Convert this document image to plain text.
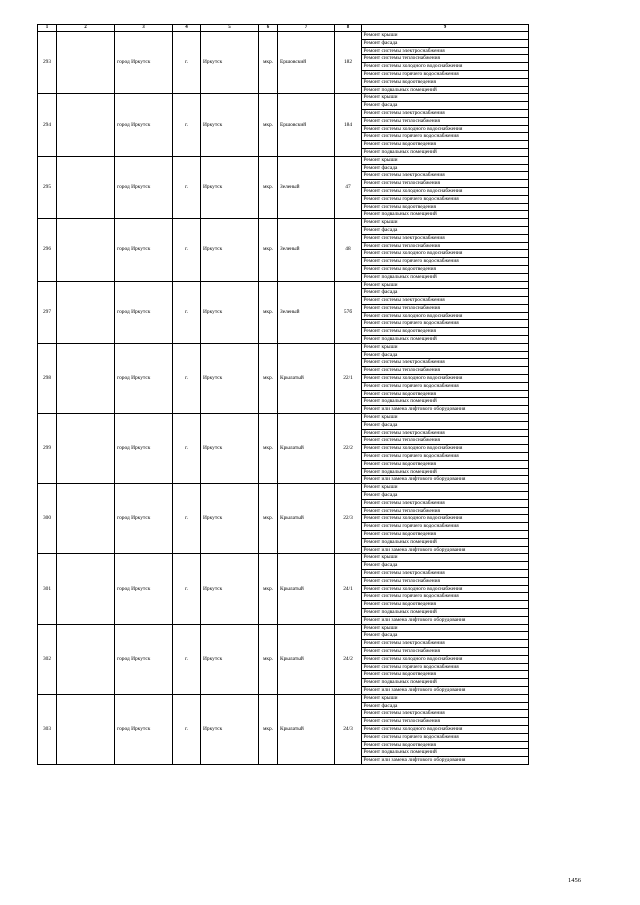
1	2	3	4	5	6	7	8	9
293		город Иркутск	г.	Иркутск	мкр.	Ершовский	182	Ремонт крыши
								Ремонт фасада
								Ремонт системы электроснабжения
								Ремонт системы теплоснабжения
								Ремонт системы холодного водоснабжения
								Ремонт системы горячего водоснабжения
								Ремонт системы водоотведения
								Ремонт подвальных помещений
294		город Иркутск	г.	Иркутск	мкр.	Ершовский	184	Ремонт крыши
								Ремонт фасада
								Ремонт системы электроснабжения
								Ремонт системы теплоснабжения
								Ремонт системы холодного водоснабжения
								Ремонт системы горячего водоснабжения
								Ремонт системы водоотведения
								Ремонт подвальных помещений
295		город Иркутск	г.	Иркутск	мкр.	Зеленый	47	Ремонт крыши
								Ремонт фасада
								Ремонт системы электроснабжения
								Ремонт системы теплоснабжения
								Ремонт системы холодного водоснабжения
								Ремонт системы горячего водоснабжения
								Ремонт системы водоотведения
								Ремонт подвальных помещений
296		город Иркутск	г.	Иркутск	мкр.	Зеленый	48	Ремонт крыши
								Ремонт фасада
								Ремонт системы электроснабжения
								Ремонт системы теплоснабжения
								Ремонт системы холодного водоснабжения
								Ремонт системы горячего водоснабжения
								Ремонт системы водоотведения
								Ремонт подвальных помещений
297		город Иркутск	г.	Иркутск	мкр.	Зеленый	57б	Ремонт крыши
								Ремонт фасада
								Ремонт системы электроснабжения
								Ремонт системы теплоснабжения
								Ремонт системы холодного водоснабжения
								Ремонт системы горячего водоснабжения
								Ремонт системы водоотведения
								Ремонт подвальных помещений
298		город Иркутск	г.	Иркутск	мкр.	Крылатый	22/1	Ремонт крыши
								Ремонт фасада
								Ремонт системы электроснабжения
								Ремонт системы теплоснабжения
								Ремонт системы холодного водоснабжения
								Ремонт системы горячего водоснабжения
								Ремонт системы водоотведения
								Ремонт подвальных помещений
								Ремонт или замена лифтового оборудования
299		город Иркутск	г.	Иркутск	мкр.	Крылатый	22/2	Ремонт крыши
								Ремонт фасада
								Ремонт системы электроснабжения
								Ремонт системы теплоснабжения
								Ремонт системы холодного водоснабжения
								Ремонт системы горячего водоснабжения
								Ремонт системы водоотведения
								Ремонт подвальных помещений
								Ремонт или замена лифтового оборудования
300		город Иркутск	г.	Иркутск	мкр.	Крылатый	22/3	Ремонт крыши
								Ремонт фасада
								Ремонт системы электроснабжения
								Ремонт системы теплоснабжения
								Ремонт системы холодного водоснабжения
								Ремонт системы горячего водоснабжения
								Ремонт системы водоотведения
								Ремонт подвальных помещений
								Ремонт или замена лифтового оборудования
301		город Иркутск	г.	Иркутск	мкр.	Крылатый	24/1	Ремонт крыши
								Ремонт фасада
								Ремонт системы электроснабжения
								Ремонт системы теплоснабжения
								Ремонт системы холодного водоснабжения
								Ремонт системы горячего водоснабжения
								Ремонт системы водоотведения
								Ремонт подвальных помещений
								Ремонт или замена лифтового оборудования
302		город Иркутск	г.	Иркутск	мкр.	Крылатый	24/2	Ремонт крыши
								Ремонт фасада
								Ремонт системы электроснабжения
								Ремонт системы теплоснабжения
								Ремонт системы холодного водоснабжения
								Ремонт системы горячего водоснабжения
								Ремонт системы водоотведения
								Ремонт подвальных помещений
								Ремонт или замена лифтового оборудования
303		город Иркутск	г.	Иркутск	мкр.	Крылатый	24/3	Ремонт крыши
								Ремонт фасада
								Ремонт системы электроснабжения
								Ремонт системы теплоснабжения
								Ремонт системы холодного водоснабжения
								Ремонт системы горячего водоснабжения
								Ремонт системы водоотведения
								Ремонт подвальных помещений
								Ремонт или замена лифтового оборудования
1456
